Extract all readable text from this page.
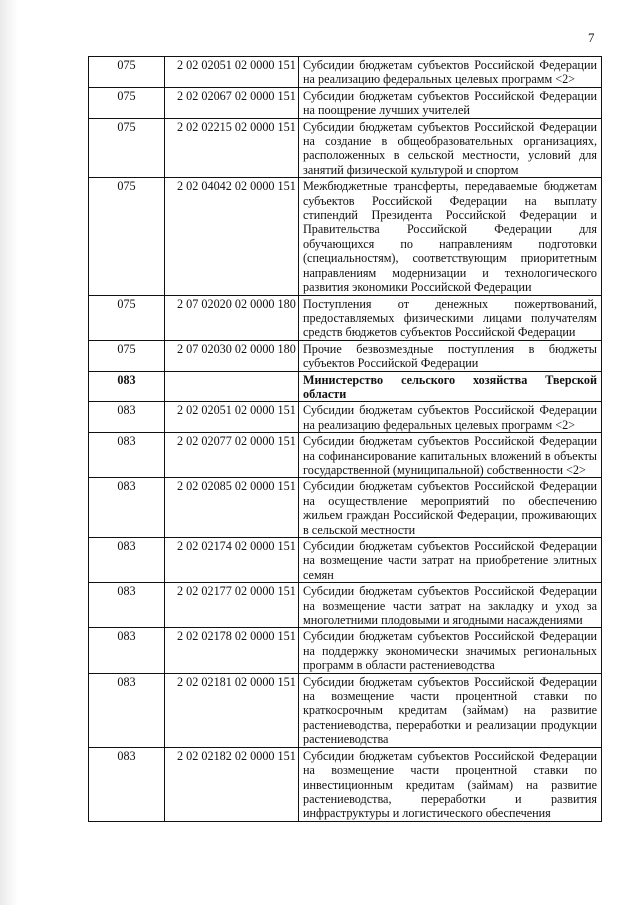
7
075	2 02 02051 02 0000 151	Субсидии бюджетам субъектов Российской Федерации на реализацию федеральных целевых программ <2>
075	2 02 02067 02 0000 151	Субсидии бюджетам субъектов Российской Федерации на поощрение лучших учителей
075	2 02 02215 02 0000 151	Субсидии бюджетам субъектов Российской Федерации на создание в общеобразовательных организациях, расположенных в сельской местности, условий для занятий физической культурой и спортом
075	2 02 04042 02 0000 151	Межбюджетные трансферты, передаваемые бюджетам субъектов Российской Федерации на выплату стипендий Президента Российской Федерации и Правительства Российской Федерации для обучающихся по направлениям подготовки (специальностям), соответствующим приоритетным направлениям модернизации и технологического развития экономики Российской Федерации
075	2 07 02020 02 0000 180	Поступления от денежных пожертвований, предоставляемых физическими лицами получателям средств бюджетов субъектов Российской Федерации
075	2 07 02030 02 0000 180	Прочие безвозмездные поступления в бюджеты субъектов Российской Федерации
083		Министерство сельского хозяйства Тверской области
083	2 02 02051 02 0000 151	Субсидии бюджетам субъектов Российской Федерации на реализацию федеральных целевых программ <2>
083	2 02 02077 02 0000 151	Субсидии бюджетам субъектов Российской Федерации на софинансирование капитальных вложений в объекты государственной (муниципальной) собственности <2>
083	2 02 02085 02 0000 151	Субсидии бюджетам субъектов Российской Федерации на осуществление мероприятий по обеспечению жильем граждан Российской Федерации, проживающих в сельской местности
083	2 02 02174 02 0000 151	Субсидии бюджетам субъектов Российской Федерации на возмещение части затрат на приобретение элитных семян
083	2 02 02177 02 0000 151	Субсидии бюджетам субъектов Российской Федерации на возмещение части затрат на закладку и уход за многолетними плодовыми и ягодными насаждениями
083	2 02 02178 02 0000 151	Субсидии бюджетам субъектов Российской Федерации на поддержку экономически значимых региональных программ в области растениеводства
083	2 02 02181 02 0000 151	Субсидии бюджетам субъектов Российской Федерации на возмещение части процентной ставки по краткосрочным кредитам (займам) на развитие растениеводства, переработки и реализации продукции растениеводства
083	2 02 02182 02 0000 151	Субсидии бюджетам субъектов Российской Федерации на возмещение части процентной ставки по инвестиционным кредитам (займам) на развитие растениеводства, переработки и развития инфраструктуры и логистического обеспечения
